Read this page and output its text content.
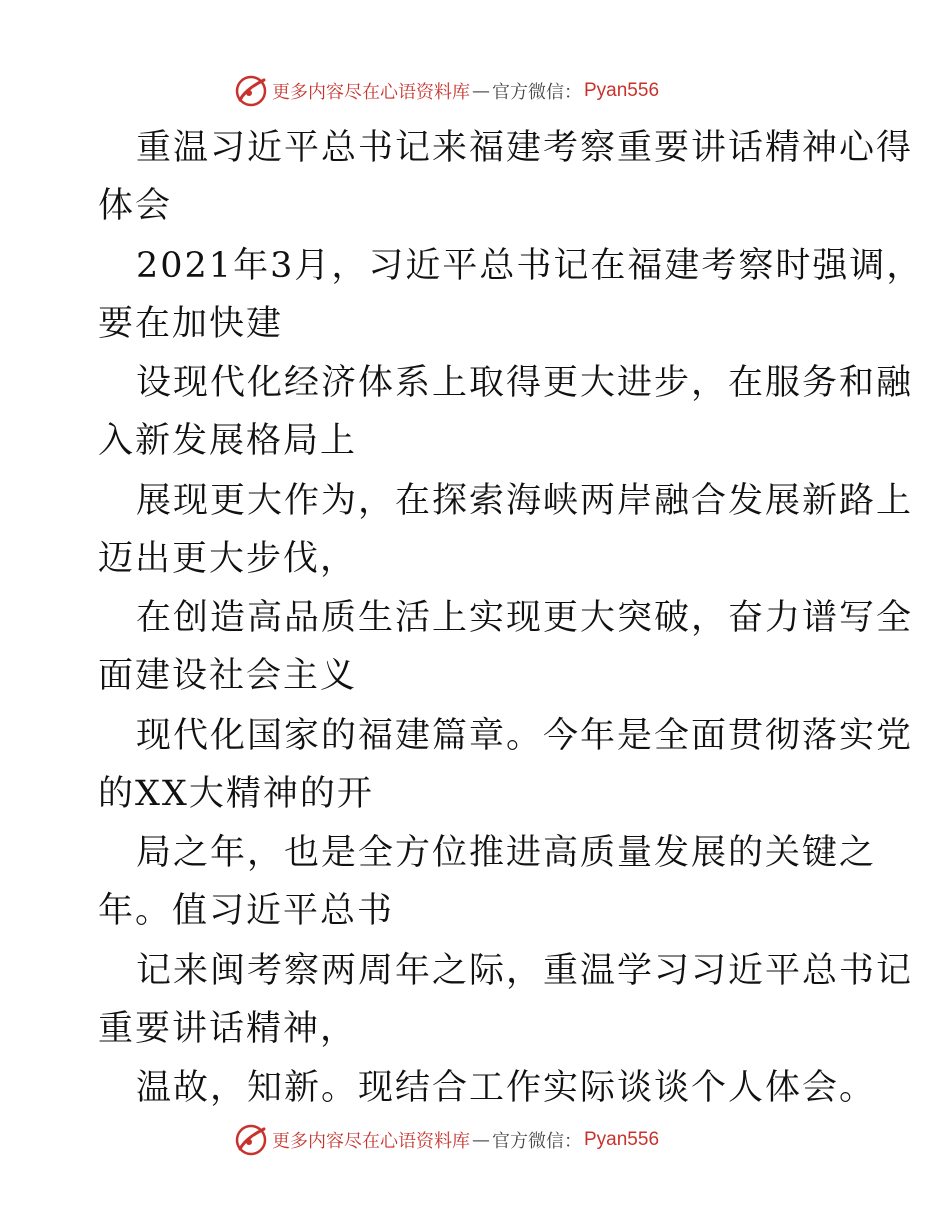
更多内容尽在心语资料库 — 官方微信： Pyan556
重温习近平总书记来福建考察重要讲话精神心得
体会
2021年3月，习近平总书记在福建考察时强调，
要在加快建
设现代化经济体系上取得更大进步，在服务和融
入新发展格局上
展现更大作为，在探索海峡两岸融合发展新路上
迈出更大步伐，
在创造高品质生活上实现更大突破，奋力谱写全
面建设社会主义
现代化国家的福建篇章。今年是全面贯彻落实党
的XX大精神的开
局之年，也是全方位推进高质量发展的关键之
年。值习近平总书
记来闽考察两周年之际，重温学习习近平总书记
重要讲话精神，
温故，知新。现结合工作实际谈谈个人体会。
更多内容尽在心语资料库 — 官方微信： Pyan556
